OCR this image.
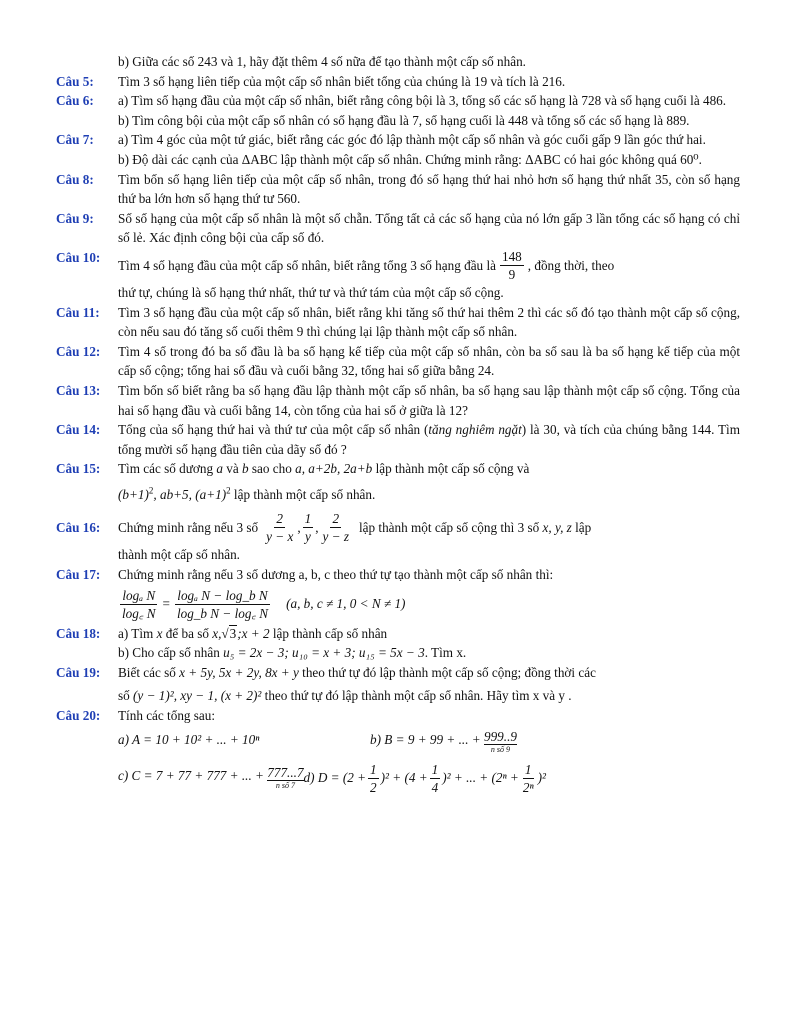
b) Giữa các số 243 và 1, hãy đặt thêm 4 số nữa để tạo thành một cấp số nhân.
Câu 5:	Tìm 3 số hạng liên tiếp của một cấp số nhân biết tổng của chúng là 19 và tích là 216.
Câu 6:	a) Tìm số hạng đầu của một cấp số nhân, biết rằng công bội là 3, tổng số các số hạng là 728 và số hạng cuối là 486.
b) Tìm công bội của một cấp số nhân có số hạng đầu là 7, số hạng cuối là 448 và tổng số các số hạng là 889.
Câu 7:	a) Tìm 4 góc của một tứ giác, biết rằng các góc đó lập thành một cấp số nhân và góc cuối gấp 9 lần góc thứ hai.
b) Độ dài các cạnh của ΔABC lập thành một cấp số nhân. Chứng minh rằng: ΔABC có hai góc không quá 60⁰.
Câu 8:	Tìm bốn số hạng liên tiếp của một cấp số nhân, trong đó số hạng thứ hai nhỏ hơn số hạng thứ nhất 35, còn số hạng thứ ba lớn hơn số hạng thứ tư 560.
Câu 9:	Số số hạng của một cấp số nhân là một số chẵn. Tổng tất cả các số hạng của nó lớn gấp 3 lần tổng các số hạng có chỉ số lẻ. Xác định công bội của cấp số đó.
Câu 10:
Tìm 4 số hạng đầu của một cấp số nhân, biết rằng tổng 3 số hạng đầu là $\frac{148}{9}$ , đồng thời, theo
thứ tự, chúng là số hạng thứ nhất, thứ tư và thứ tám của một cấp số cộng.
Câu 11:	Tìm 3 số hạng đầu của một cấp số nhân, biết rằng khi tăng số thứ hai thêm 2 thì các số đó tạo thành một cấp số cộng, còn nếu sau đó tăng số cuối thêm 9 thì chúng lại lập thành một cấp số nhân.
Câu 12:	Tìm 4 số trong đó ba số đầu là ba số hạng kế tiếp của một cấp số nhân, còn ba số sau là ba số hạng kế tiếp của một cấp số cộng; tổng hai số đầu và cuối bằng 32, tổng hai số giữa bằng 24.
Câu 13:	Tìm bốn số biết rằng ba số hạng đầu lập thành một cấp số nhân, ba số hạng sau lập thành một cấp số cộng. Tổng của hai số hạng đầu và cuối bằng 14, còn tổng của hai số ở giữa là 12?
Câu 14:	Tổng của số hạng thứ hai và thứ tư của một cấp số nhân (tăng nghiêm ngặt) là 30, và tích của chúng bằng 144. Tìm tổng mười số hạng đầu tiên của dãy số đó ?
Câu 15:	Tìm các số dương a và b sao cho a, a+2b, 2a+b lập thành một cấp số cộng và
$(b+1)^2$, ab+5, $(a+1)^2$ lập thành một cấp số nhân.
Câu 16:	Chứng minh rằng nếu 3 số $\frac{2}{y - x}$ , $\frac{1}{y}$ , $\frac{2}{y - z}$ lập thành một cấp số cộng thì 3 số
x, y, z
lập
thành một cấp số nhân.
Câu 17:	Chứng minh rằng nếu 3 số dương a, b, c theo thứ tự tạo thành một cấp số nhân thì:
$\frac{\text{logₐ N}}{\log꜀ N} = \frac{\text{logₐ N − log\_b N}}{\text{log\_b N − log꜀ N}} (a$, b, c ≠ 1, 0 < N ≠ 1)
Câu 18:	a) Tìm x để ba số x,√3;x + 2 lập thành cấp số nhân
b) Cho cấp số nhân u₅ = 2x − 3; u₁₀ = x + 3; u₁₅ = 5x − 3. Tìm x.
Câu 19:	Biết các số x + 5y, 5x + 2y, 8x + y theo thứ tự đó lập thành một cấp số cộng; đồng thời các
số (y − 1)², xy − 1, (x + 2)² theo thứ tự đó lập thành một cấp số nhân. Hãy tìm x và y .
Câu 20:	Tính các tổng sau:
a) A = 10 + 10² + ... + 10ⁿ	b) B = 9 + 99 + ... + 999..9
n số 9
c) C = 7 + 77 + 777 + ... + 777...7
n số 7 d) D =
$(2 + \frac{1}{2} )^2$
+ $(4 + \frac{1}{4} )^2$
+ ... + $(2^n + \frac{1}{\text{2ⁿ}} )^2$
